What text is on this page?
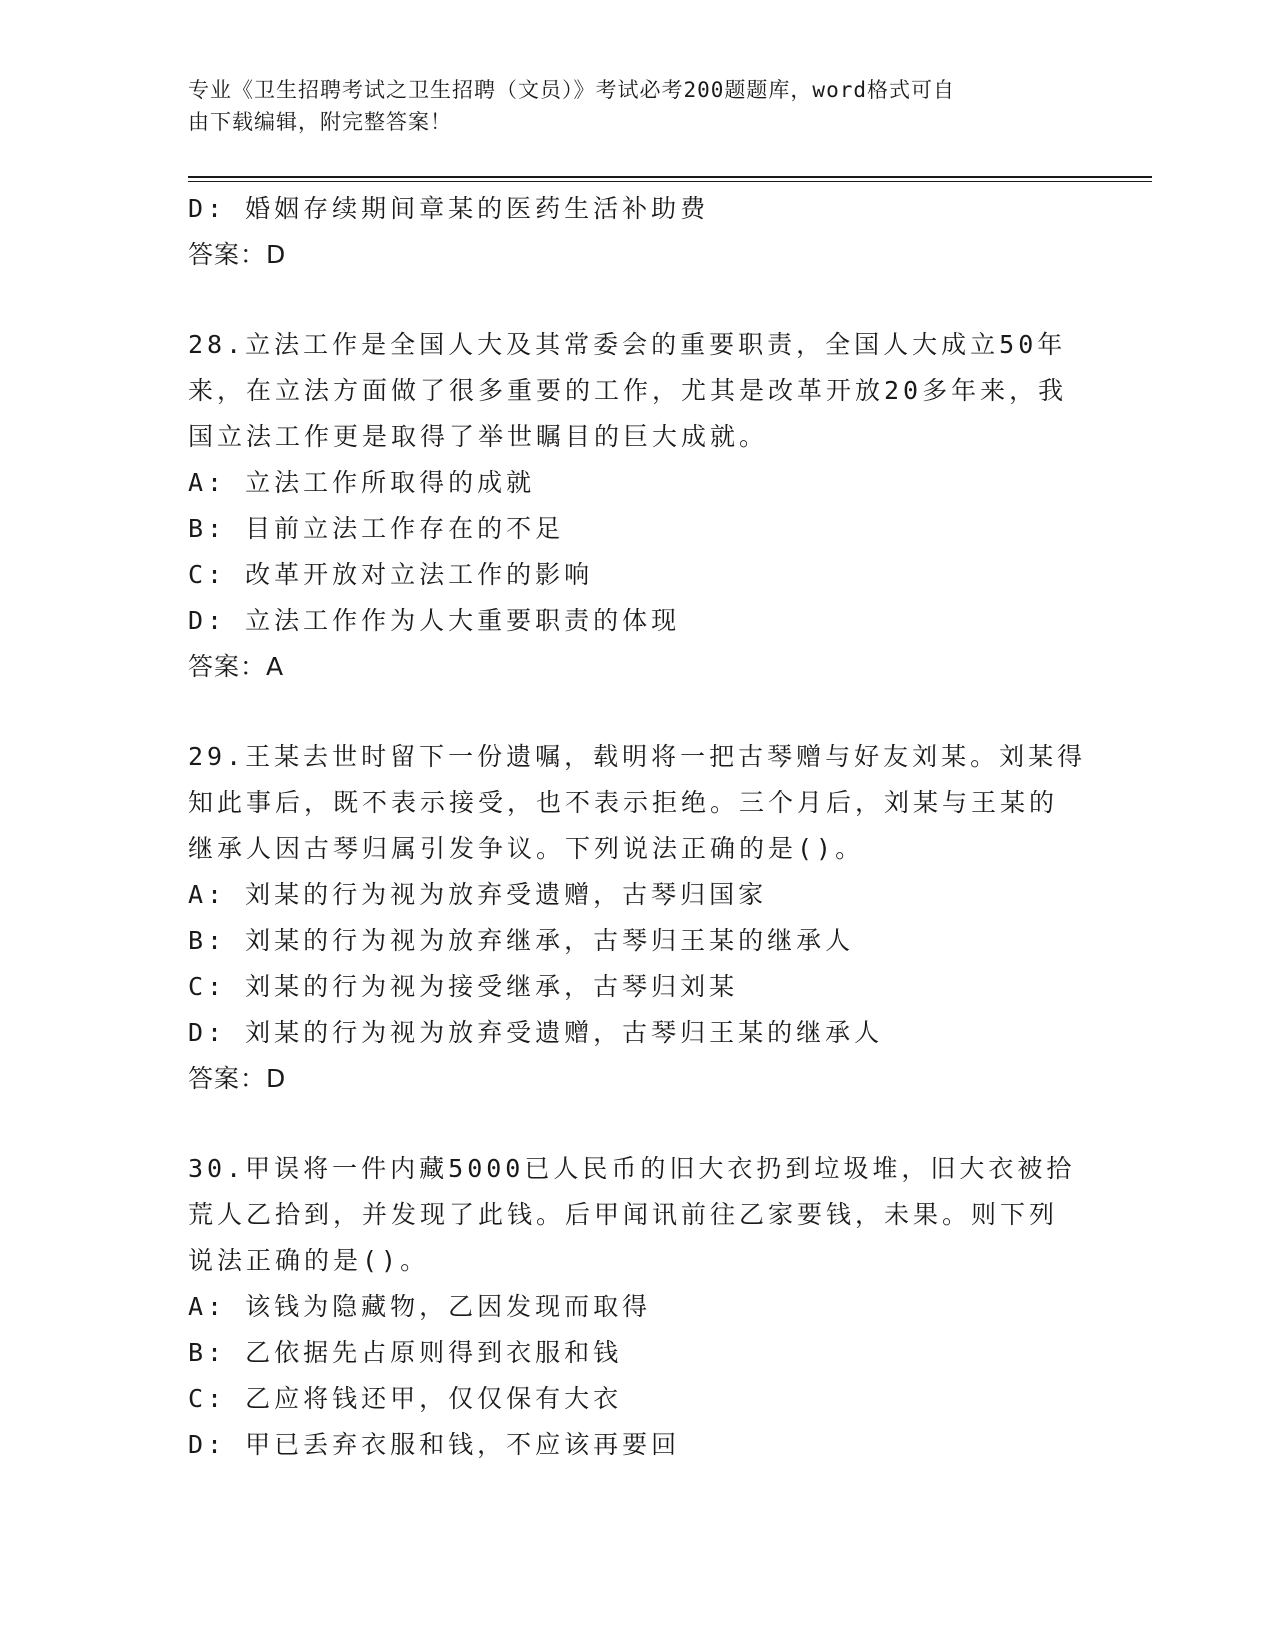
专业《卫生招聘考试之卫生招聘（文员）》考试必考200题题库，word格式可自
由下载编辑，附完整答案！
D: 婚姻存续期间章某的医药生活补助费
答案：D
28.立法工作是全国人大及其常委会的重要职责，全国人大成立50年
来，在立法方面做了很多重要的工作，尤其是改革开放20多年来，我
国立法工作更是取得了举世瞩目的巨大成就。
A: 立法工作所取得的成就
B: 目前立法工作存在的不足
C: 改革开放对立法工作的影响
D: 立法工作作为人大重要职责的体现
答案：A
29.王某去世时留下一份遗嘱，载明将一把古琴赠与好友刘某。刘某得
知此事后，既不表示接受，也不表示拒绝。三个月后，刘某与王某的
继承人因古琴归属引发争议。下列说法正确的是()。
A: 刘某的行为视为放弃受遗赠，古琴归国家
B: 刘某的行为视为放弃继承，古琴归王某的继承人
C: 刘某的行为视为接受继承，古琴归刘某
D: 刘某的行为视为放弃受遗赠，古琴归王某的继承人
答案：D
30.甲误将一件内藏5000已人民币的旧大衣扔到垃圾堆，旧大衣被拾
荒人乙拾到，并发现了此钱。后甲闻讯前往乙家要钱，未果。则下列
说法正确的是()。
A: 该钱为隐藏物，乙因发现而取得
B: 乙依据先占原则得到衣服和钱
C: 乙应将钱还甲，仅仅保有大衣
D: 甲已丢弃衣服和钱，不应该再要回
